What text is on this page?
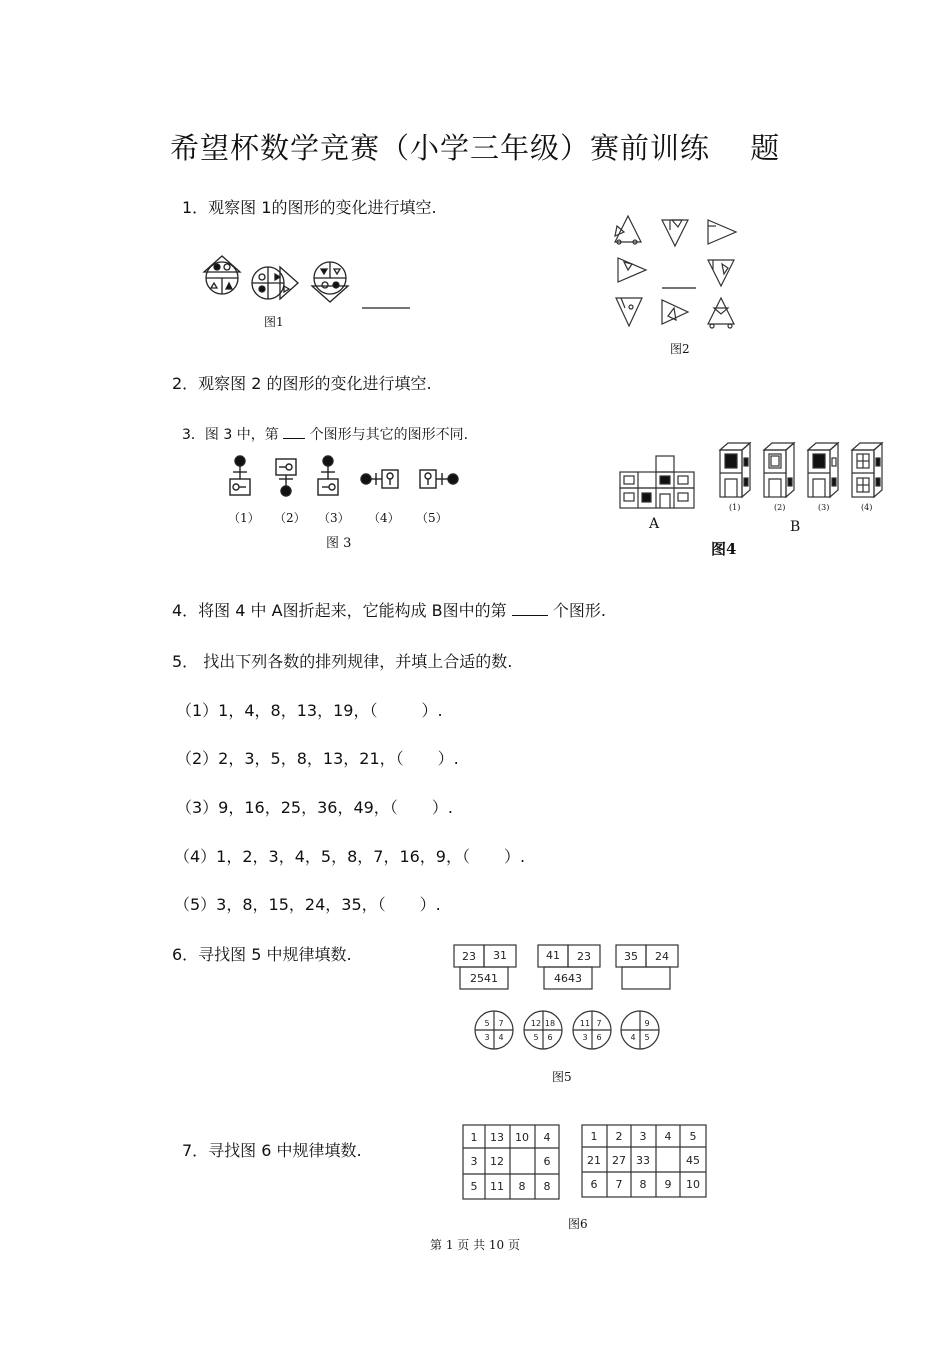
希望杯数学竞赛（小学三年级）赛前训练　 题
1．观察图 1的图形的变化进行填空.
图1
图2
2．观察图 2 的图形的变化进行填空.
3．图 3 中，第 个图形与其它的图形不同.
（1） （2） （3） （4） （5）
图 3
A
(1)	(2)	(3)	(4)
B
图4
4．将图 4 中 A图折起来，它能构成 B图中的第	个图形.
5． 找出下列各数的排列规律，并填上合适的数.
（1）1，4，8，13，19，（	）.
（2）2，3，5，8，13，21，（ ）.
（3）9，16，25，36，49，（ ）.
（4）1，2，3，4，5，8，7，16，9，（ ）.
（5）3，8，15，24，35，（ ）.
6．寻找图 5 中规律填数.	23 31
2541
41 23
4643
35 24
5 7
3 4
12 18
5 6
11 7
3 6
9
4 5
图5
7．寻找图 6 中规律填数.
1 13 10 4
3 12	6
5 11 8 8
1 2 3 4 5
21 27 33	45
6 7 8 9 10
图6
第 1 页 共 10 页
